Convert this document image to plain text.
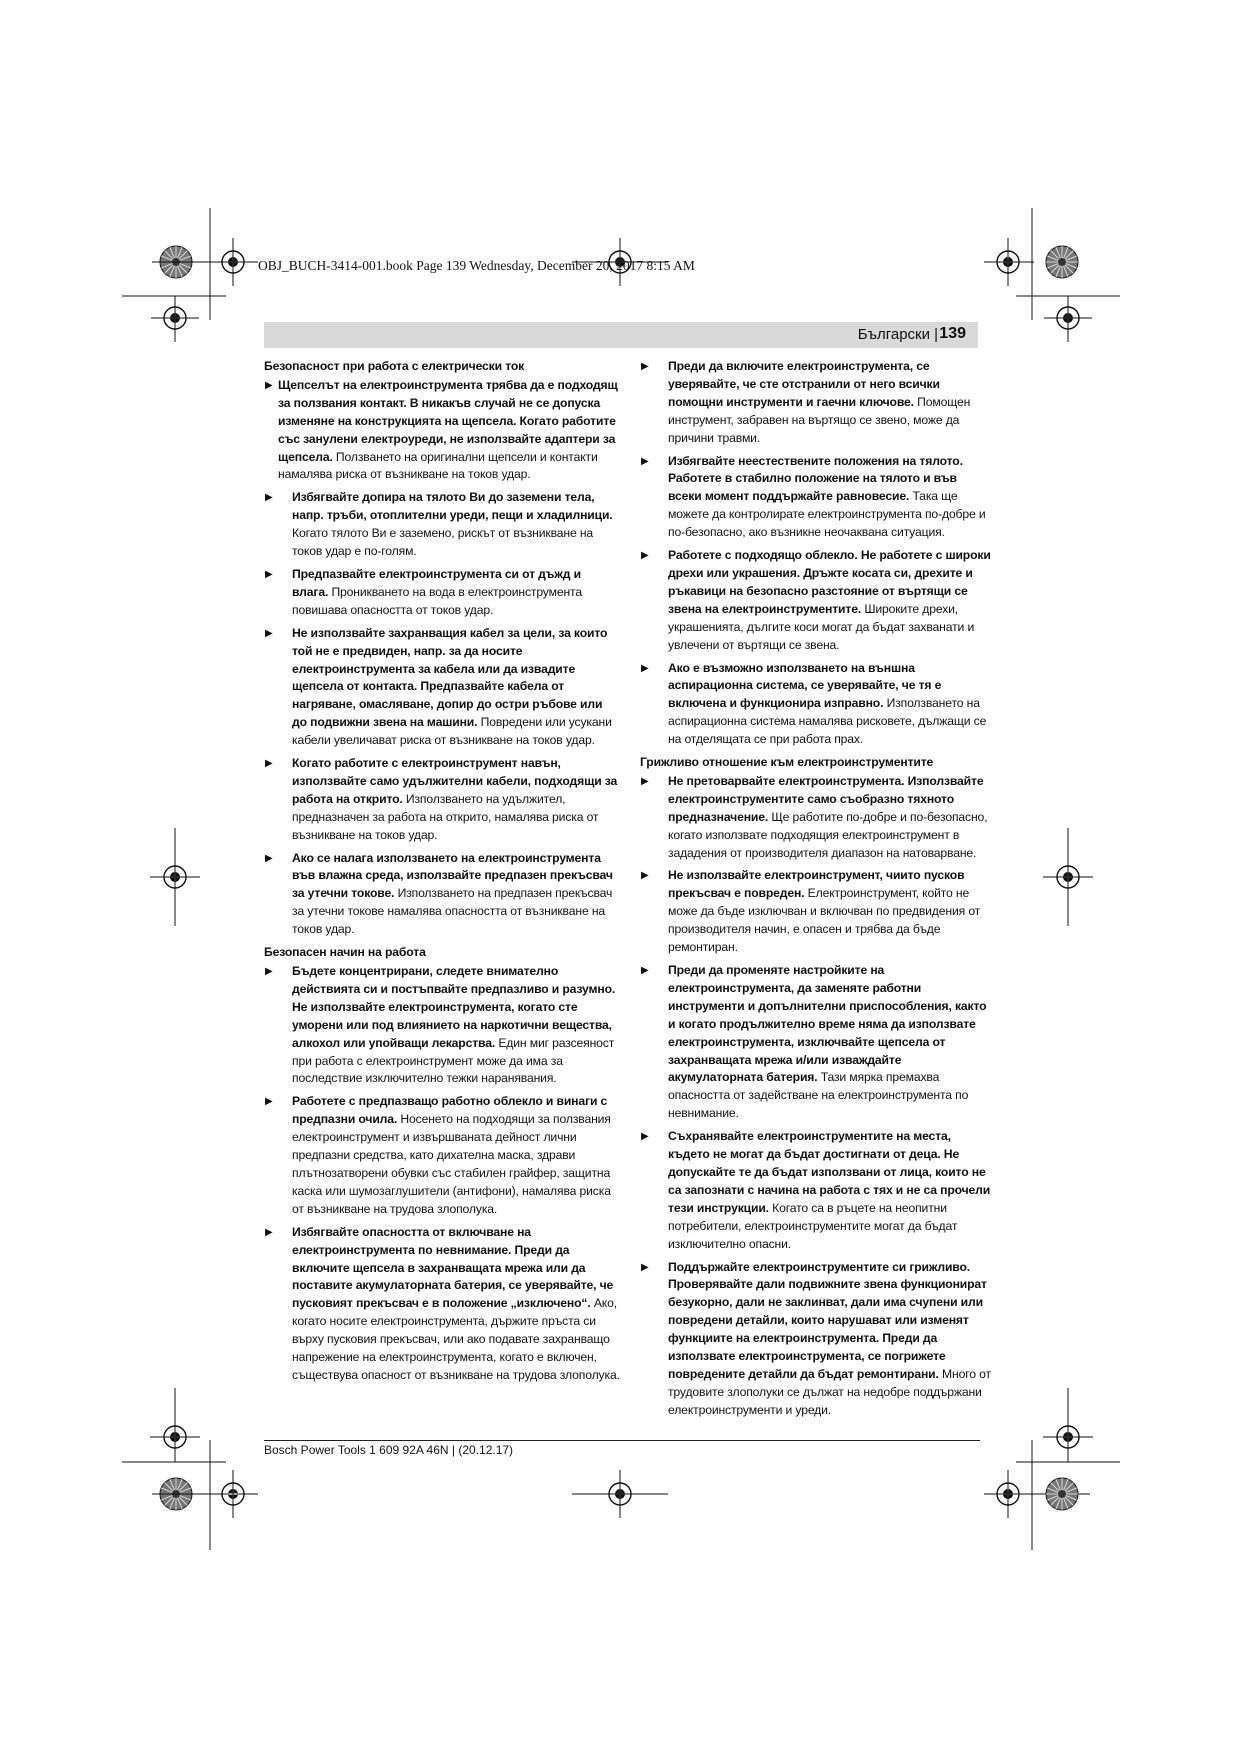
OBJ_BUCH-3414-001.book Page 139 Wednesday, December 20, 2017 8:15 AM
Български | 139
Безопасност при работа с електрически ток
▶ Щепселът на електроинструмента трябва да е подходящ за ползвания контакт. В никакъв случай не се допуска изменяне на конструкцията на щепсела. Когато работите със занулени електроуреди, не използвайте адаптери за щепсела. Ползването на оригинални щепсели и контакти намалява риска от възникване на токов удар.
▶ Избягвайте допира на тялото Ви до заземени тела, напр. тръби, отоплителни уреди, пещи и хладилници. Когато тялото Ви е заземено, рискът от възникване на токов удар е по-голям.
▶ Предпазвайте електроинструмента си от дъжд и влага. Проникването на вода в електроинструмента повишава опасността от токов удар.
▶ Не използвайте захранващия кабел за цели, за които той не е предвиден, напр. за да носите електроинструмента за кабела или да извадите щепсела от контакта. Предпазвайте кабела от нагряване, омасляване, допир до остри ръбове или до подвижни звена на машини. Повредени или усукани кабели увеличават риска от възникване на токов удар.
▶ Когато работите с електроинструмент навън, използвайте само удължителни кабели, подходящи за работа на открито. Използването на удължител, предназначен за работа на открито, намалява риска от възникване на токов удар.
▶ Ако се налага използването на електроинструмента във влажна среда, използвайте предпазен прекъсвач за утечни токове. Използването на предпазен прекъсвач за утечни токове намалява опасността от възникване на токов удар.
Безопасен начин на работа
▶ Бъдете концентрирани, следете внимателно действията си и постъпвайте предпазливо и разумно. Не използвайте електроинструмента, когато сте уморени или под влиянието на наркотични вещества, алкохол или упойващи лекарства. Един миг разсеяност при работа с електроинструмент може да има за последствие изключително тежки наранявания.
▶ Работете с предпазващо работно облекло и винаги с предпазни очила. Носенето на подходящи за ползвания електроинструмент и извършваната дейност лични предпазни средства, като дихателна маска, здрави плътнозатворени обувки със стабилен грайфер, защитна каска или шумозаглушители (антифони), намалява риска от възникване на трудова злополука.
▶ Избягвайте опасността от включване на електроинструмента по невнимание. Преди да включите щепсела в захранващата мрежа или да поставите акумулаторната батерия, се уверявайте, че пусковият прекъсвач е в положение „изключено“. Ако, когато носите електроинструмента, държите пръста си върху пусковия прекъсвач, или ако подавате захранващо напрежение на електроинструмента, когато е включен, съществува опасност от възникване на трудова злополука.
▶ Преди да включите електроинструмента, се уверявайте, че сте отстранили от него всички помощни инструменти и гаечни ключове. Помощен инструмент, забравен на въртящо се звено, може да причини травми.
▶ Избягвайте неестествените положения на тялото. Работете в стабилно положение на тялото и във всеки момент поддържайте равновесие. Така ще можете да контролирате електроинструмента по-добре и по-безопасно, ако възникне неочаквана ситуация.
▶ Работете с подходящо облекло. Не работете с широки дрехи или украшения. Дръжте косата си, дрехите и ръкавици на безопасно разстояние от въртящи се звена на електроинструментите. Широките дрехи, украшенията, дългите коси могат да бъдат захванати и увлечени от въртящи се звена.
▶ Ако е възможно използването на външна аспирационна система, се уверявайте, че тя е включена и функционира изправно. Използването на аспирационна система намалява рисковете, дължащи се на отделящата се при работа прах.
Грижливо отношение към електроинструментите
▶ Не претоварвайте електроинструмента. Използвайте електроинструментите само съобразно тяхното предназначение. Ще работите по-добре и по-безопасно, когато използвате подходящия електроинструмент в зададения от производителя диапазон на натоварване.
▶ Не използвайте електроинструмент, чиито пусков прекъсвач е повреден. Електроинструмент, който не може да бъде изключван и включван по предвидения от производителя начин, е опасен и трябва да бъде ремонтиран.
▶ Преди да променяте настройките на електроинструмента, да заменяте работни инструменти и допълнителни приспособления, както и когато продължително време няма да използвате електроинструмента, изключвайте щепсела от захранващата мрежа и/или изваждайте акумулаторната батерия. Тази мярка премахва опасността от задействане на електроинструмента по невнимание.
▶ Съхранявайте електроинструментите на места, където не могат да бъдат достигнати от деца. Не допускайте те да бъдат използвани от лица, които не са запознати с начина на работа с тях и не са прочели тези инструкции. Когато са в ръцете на неопитни потребители, електроинструментите могат да бъдат изключително опасни.
▶ Поддържайте електроинструментите си грижливо. Проверявайте дали подвижните звена функционират безукорно, дали не заклинват, дали има счупени или повредени детайли, които нарушават или изменят функциите на електроинструмента. Преди да използвате електроинструмента, се погрижете повредените детайли да бъдат ремонтирани. Много от трудовите злополуки се дължат на недобре поддържани електроинструменти и уреди.
Bosch Power Tools 1 609 92A 46N | (20.12.17)
